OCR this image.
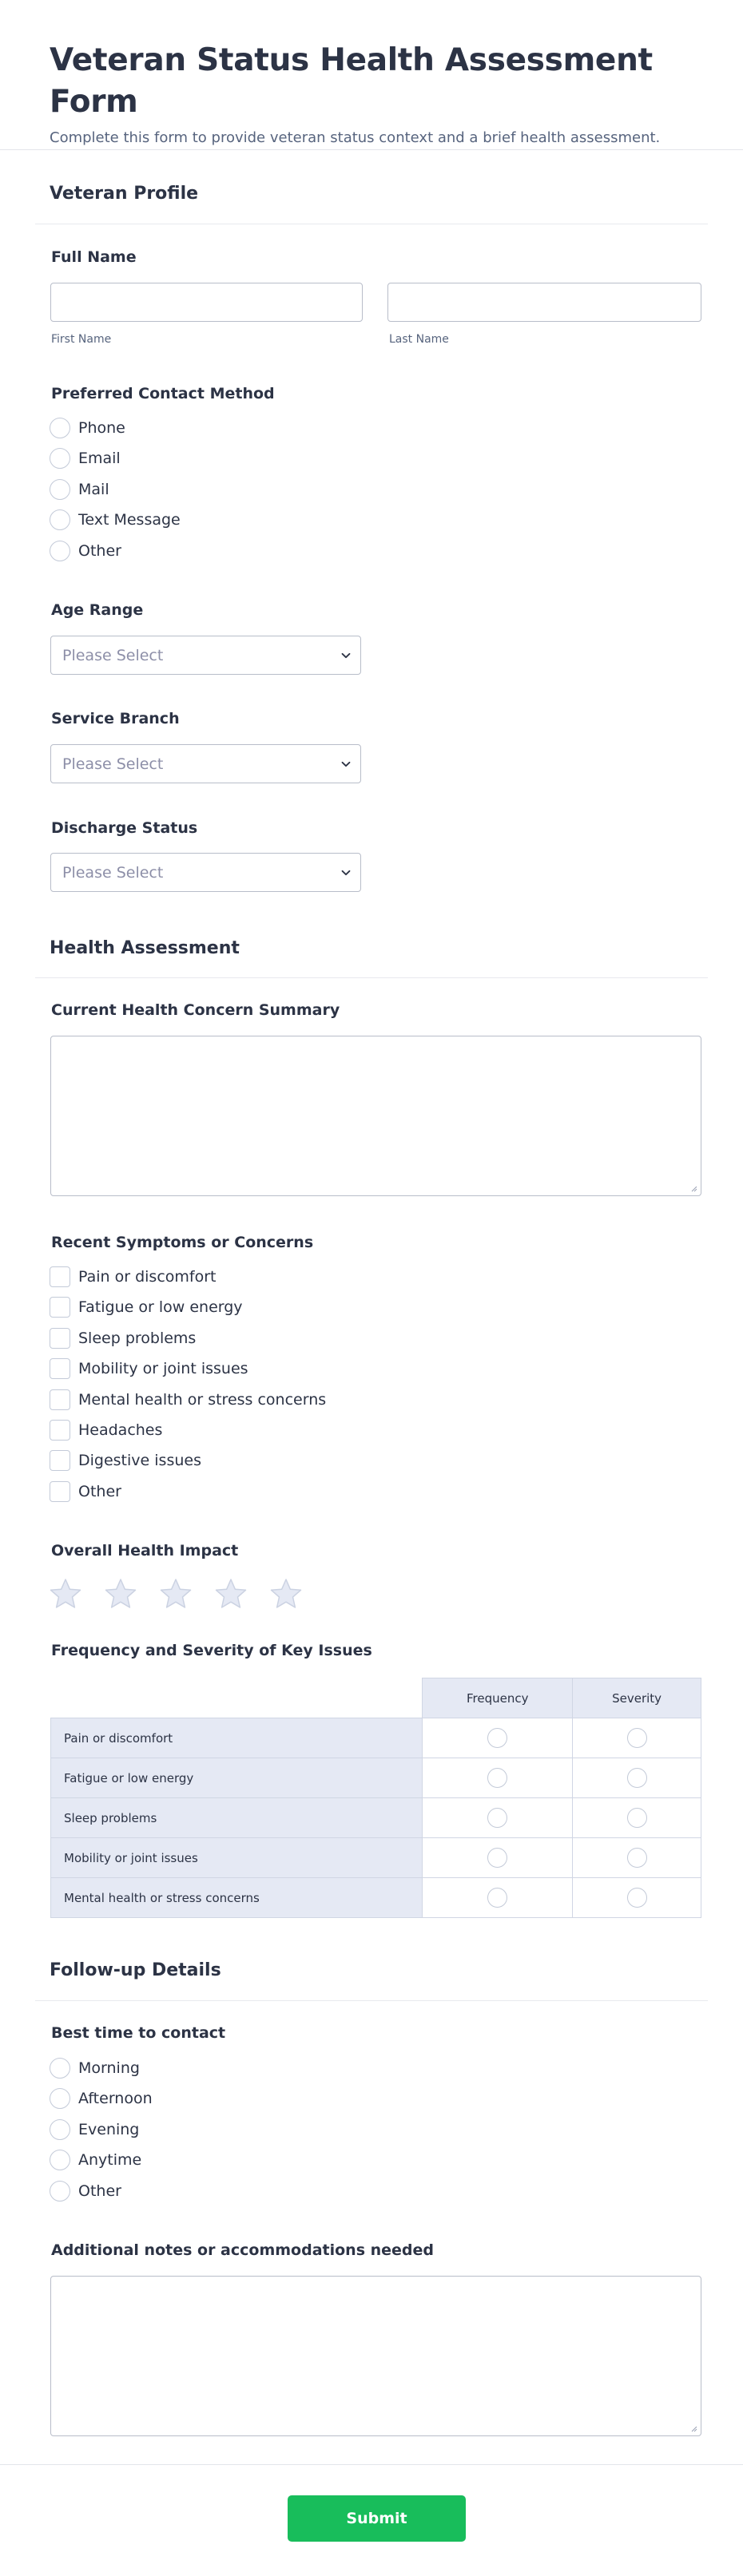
Veteran Status Health Assessment Form
Complete this form to provide veteran status context and a brief health assessment.
Veteran Profile
Full Name
First Name	Last Name
Preferred Contact Method
Phone
Email
Mail
Text Message
Other
Age Range
Please Select
Service Branch
Please Select
Discharge Status
Please Select
Health Assessment
Current Health Concern Summary
Recent Symptoms or Concerns
Pain or discomfort
Fatigue or low energy
Sleep problems
Mobility or joint issues
Mental health or stress concerns
Headaches
Digestive issues
Other
Overall Health Impact
Frequency and Severity of Key Issues
	Frequency	Severity
Pain or discomfort		
Fatigue or low energy		
Sleep problems		
Mobility or joint issues		
Mental health or stress concerns		
Follow-up Details
Best time to contact
Morning
Afternoon
Evening
Anytime
Other
Additional notes or accommodations needed
Submit
